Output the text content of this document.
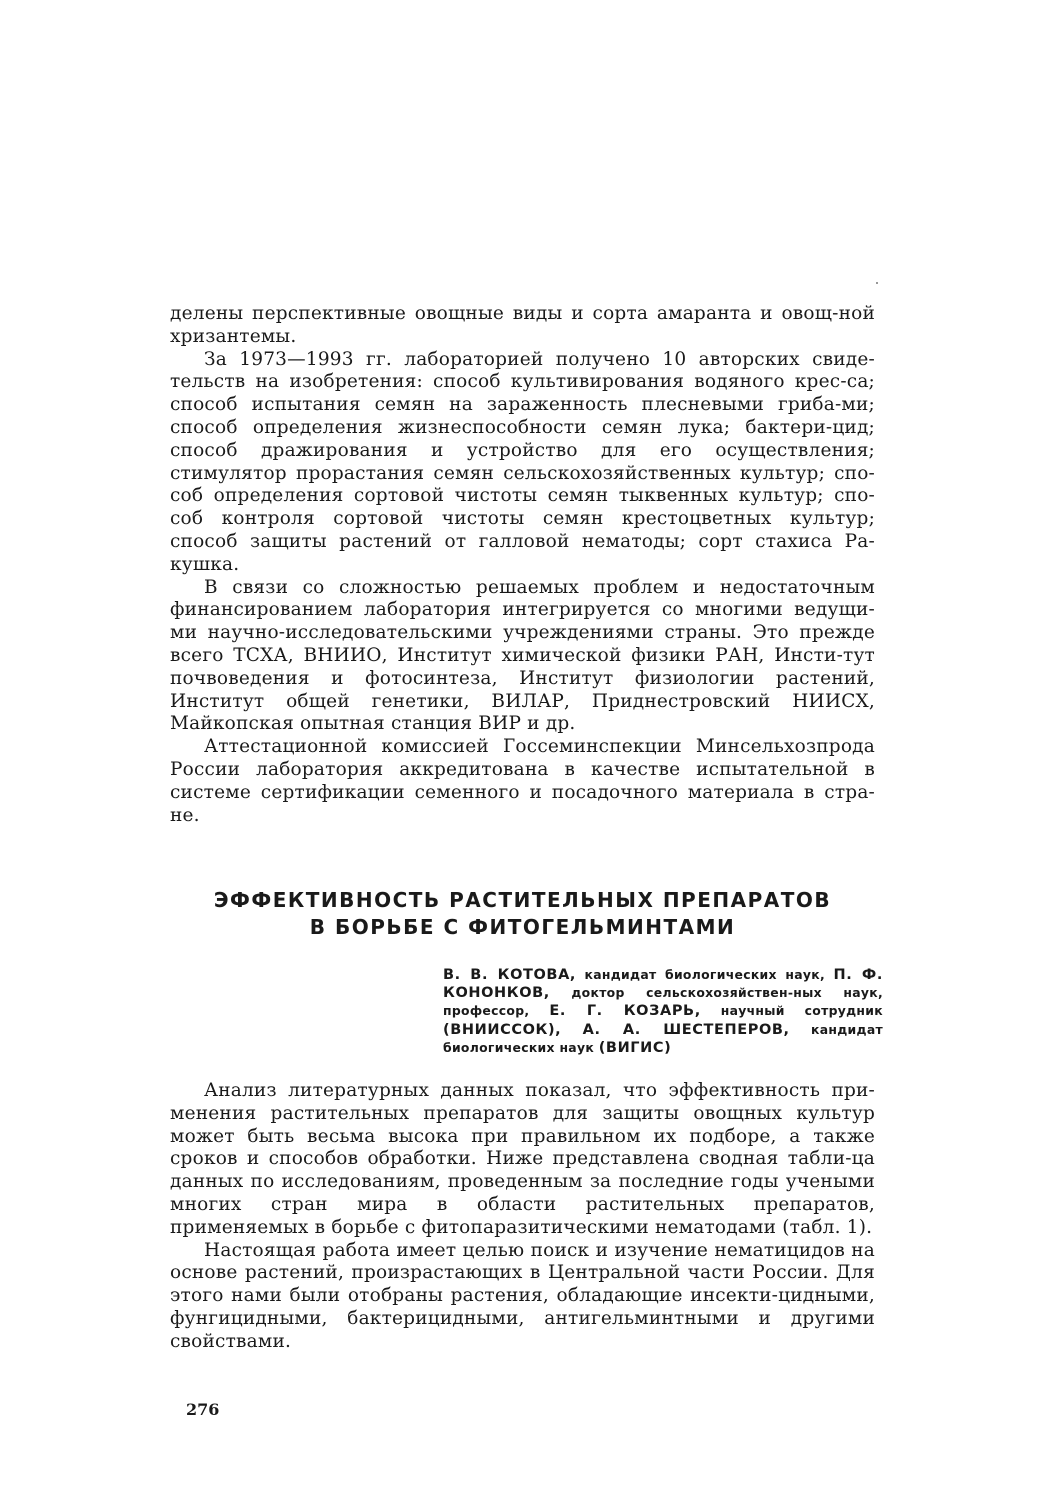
делены перспективные овощные виды и сорта амаранта и овощ-ной хризантемы.

За 1973—1993 гг. лабораторией получено 10 авторских свиде-тельств на изобретения: способ культивирования водяного крес-са; способ испытания семян на зараженность плесневыми гриба-ми; способ определения жизнеспособности семян лука; бактери-цид; способ дражирования и устройство для его осуществления; стимулятор прорастания семян сельскохозяйственных культур; спо-соб определения сортовой чистоты семян тыквенных культур; спо-соб контроля сортовой чистоты семян крестоцветных культур; способ защиты растений от галловой нематоды; сорт стахиса Ра-кушка.

В связи со сложностью решаемых проблем и недостаточным финансированием лаборатория интегрируется со многими ведущи-ми научно-исследовательскими учреждениями страны. Это прежде всего ТСХА, ВНИИО, Институт химической физики РАН, Инсти-тут почвоведения и фотосинтеза, Институт физиологии растений, Институт общей генетики, ВИЛАР, Приднестровский НИИСХ, Майкопская опытная станция ВИР и др.

Аттестационной комиссией Госсеминспекции Минсельхозпрода России лаборатория аккредитована в качестве испытательной в системе сертификации семенного и посадочного материала в стра-не.

ЭФФЕКТИВНОСТЬ РАСТИТЕЛЬНЫХ ПРЕПАРАТОВ
В БОРЬБЕ С ФИТОГЕЛЬМИНТАМИ
В. В. КОТОВА, кандидат биологических наук, П. Ф. КОНОНКОВ, доктор сельскохозяйствен-ных наук, профессор, Е. Г. КОЗАРЬ, научный сотрудник (ВНИИССОК), А. А. ШЕСТЕПЕРОВ, кандидат биологических наук (ВИГИС)

Анализ литературных данных показал, что эффективность при-менения растительных препаратов для защиты овощных культур может быть весьма высока при правильном их подборе, а также сроков и способов обработки. Ниже представлена сводная табли-ца данных по исследованиям, проведенным за последние годы учеными многих стран мира в области растительных препаратов, применяемых в борьбе с фитопаразитическими нематодами (табл. 1).

Настоящая работа имеет целью поиск и изучение нематицидов на основе растений, произрастающих в Центральной части России. Для этого нами были отобраны растения, обладающие инсекти-цидными, фунгицидными, бактерицидными, антигельминтными и другими свойствами.

276
